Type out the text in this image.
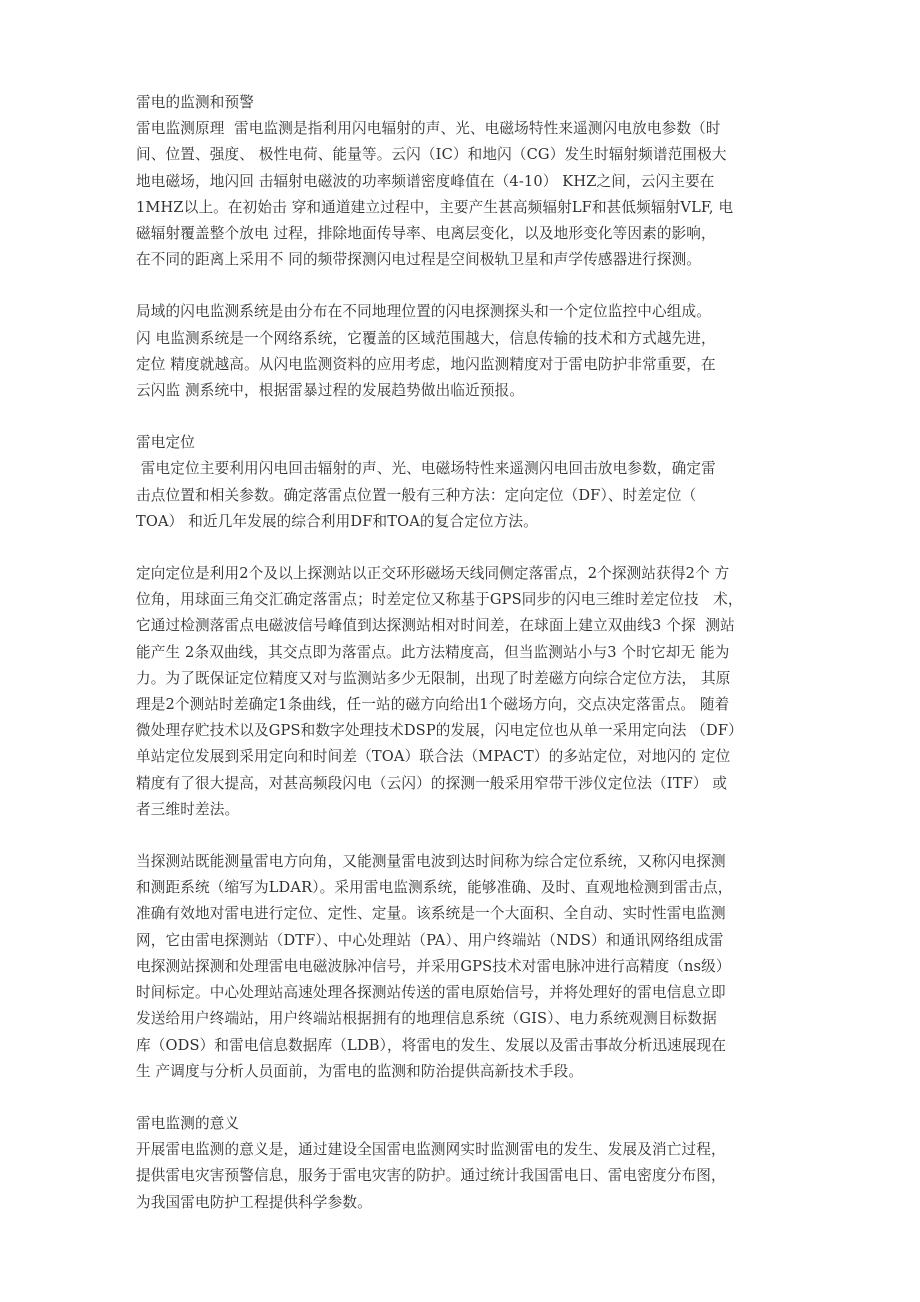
雷电的监测和预警
雷电监测原理  雷电监测是指利用闪电辐射的声、光、电磁场特性来遥测闪电放电参数（时
间、位置、强度、 极性电荷、能量等。云闪（IC）和地闪（CG）发生时辐射频谱范围极大
地电磁场，地闪回 击辐射电磁波的功率频谱密度峰值在（4-10） KHZ之间，云闪主要在
1MHZ以上。在初始击 穿和通道建立过程中，主要产生甚高频辐射LF和甚低频辐射VLF, 电
磁辐射覆盖整个放电 过程，排除地面传导率、电离层变化，以及地形变化等因素的影响，
在不同的距离上采用不 同的频带探测闪电过程是空间极轨卫星和声学传感器进行探测。
局域的闪电监测系统是由分布在不同地理位置的闪电探测探头和一个定位监控中心组成。
闪 电监测系统是一个网络系统，它覆盖的区域范围越大，信息传输的技术和方式越先进，
定位 精度就越高。从闪电监测资料的应用考虑，地闪监测精度对于雷电防护非常重要，在
云闪监 测系统中，根据雷暴过程的发展趋势做出临近预报。
雷电定位
雷电定位主要利用闪电回击辐射的声、光、电磁场特性来遥测闪电回击放电参数，确定雷
击点位置和相关参数。确定落雷点位置一般有三种方法：定向定位（DF）、时差定位（
TOA） 和近几年发展的综合利用DF和TOA的复合定位方法。
定向定位是利用2个及以上探测站以正交环形磁场天线同侧定落雷点，2个探测站获得2个 方
位角，用球面三角交汇确定落雷点；时差定位又称基于GPS同步的闪电三维时差定位技   术，
它通过检测落雷点电磁波信号峰值到达探测站相对时间差，在球面上建立双曲线3 个探  测站
能产生 2条双曲线，其交点即为落雷点。此方法精度高，但当监测站小与3 个时它却无 能为
力。为了既保证定位精度又对与监测站多少无限制，出现了时差磁方向综合定位方法， 其原
理是2个测站时差确定1条曲线，任一站的磁方向给出1个磁场方向，交点决定落雷点。 随着
微处理存贮技术以及GPS和数字处理技术DSP的发展，闪电定位也从单一采用定向法 （DF）
单站定位发展到采用定向和时间差（TOA）联合法（MPACT）的多站定位，对地闪的 定位
精度有了很大提高，对甚高频段闪电（云闪）的探测一般采用窄带干涉仪定位法（ITF） 或
者三维时差法。
当探测站既能测量雷电方向角，又能测量雷电波到达时间称为综合定位系统，又称闪电探测
和测距系统（缩写为LDAR）。采用雷电监测系统，能够准确、及时、直观地检测到雷击点，
准确有效地对雷电进行定位、定性、定量。该系统是一个大面积、全自动、实时性雷电监测
网，它由雷电探测站（DTF）、中心处理站（PA）、用户终端站（NDS）和通讯网络组成雷
电探测站探测和处理雷电电磁波脉冲信号，并采用GPS技术对雷电脉冲进行高精度（ns级）
时间标定。中心处理站高速处理各探测站传送的雷电原始信号，并将处理好的雷电信息立即
发送给用户终端站，用户终端站根据拥有的地理信息系统（GIS）、电力系统观测目标数据
库（ODS）和雷电信息数据库（LDB），将雷电的发生、发展以及雷击事故分析迅速展现在
生 产调度与分析人员面前，为雷电的监测和防治提供高新技术手段。
雷电监测的意义
开展雷电监测的意义是，通过建设全国雷电监测网实时监测雷电的发生、发展及消亡过程，
提供雷电灾害预警信息，服务于雷电灾害的防护。通过统计我国雷电日、雷电密度分布图，
为我国雷电防护工程提供科学参数。
